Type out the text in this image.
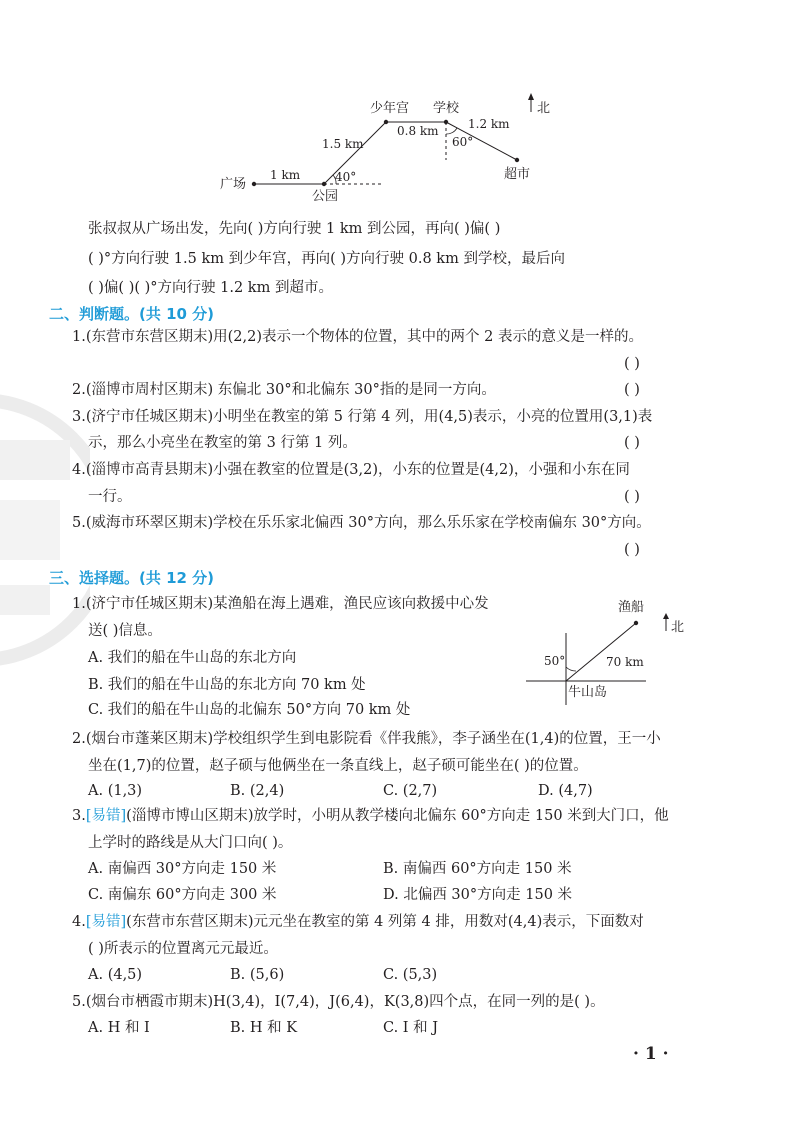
北
少年宫 学校
1.5 km
0.8 km 1.2 km
60°
超市
广场
1 km	40°
公园
张叔叔从广场出发，先向( )方向行驶 1 km 到公园，再向( )偏( )
( )°方向行驶 1.5 km 到少年宫，再向( )方向行驶 0.8 km 到学校，最后向
( )偏( )( )°方向行驶 1.2 km 到超市。
二、判断题。(共 10 分)
1.(东营市东营区期末)用(2,2)表示一个物体的位置，其中的两个 2 表示的意义是一样的。
( )
2.(淄博市周村区期末) 东偏北 30°和北偏东 30°指的是同一方向。	( )
3.(济宁市任城区期末)小明坐在教室的第 5 行第 4 列，用(4,5)表示，小亮的位置用(3,1)表
示，那么小亮坐在教室的第 3 行第 1 列。	( )
4.(淄博市高青县期末)小强在教室的位置是(3,2)，小东的位置是(4,2)，小强和小东在同
一行。	( )
5.(威海市环翠区期末)学校在乐乐家北偏西 30°方向，那么乐乐家在学校南偏东 30°方向。
( )
三、选择题。(共 12 分)
1.(济宁市任城区期末)某渔船在海上遇难，渔民应该向救援中心发
送( )信息。
A. 我们的船在牛山岛的东北方向
B. 我们的船在牛山岛的东北方向 70 km 处
C. 我们的船在牛山岛的北偏东 50°方向 70 km 处
渔船
北
50°	70 km
牛山岛
2.(烟台市蓬莱区期末)学校组织学生到电影院看《伴我熊》，李子涵坐在(1,4)的位置，王一小
坐在(1,7)的位置，赵子硕与他俩坐在一条直线上，赵子硕可能坐在( )的位置。
A. (1,3)	B. (2,4)	C. (2,7)	D. (4,7)
3.[易错](淄博市博山区期末)放学时，小明从教学楼向北偏东 60°方向走 150 米到大门口，他
上学时的路线是从大门口向( )。
A. 南偏西 30°方向走 150 米	B. 南偏西 60°方向走 150 米
C. 南偏东 60°方向走 300 米	D. 北偏西 30°方向走 150 米
4.[易错](东营市东营区期末)元元坐在教室的第 4 列第 4 排，用数对(4,4)表示，下面数对
( )所表示的位置离元元最近。
A. (4,5)	B. (5,6)	C. (5,3)
5.(烟台市栖霞市期末)H(3,4)，I(7,4)，J(6,4)，K(3,8)四个点，在同一列的是( )。
A. H 和 I	B. H 和 K	C. I 和 J
· 1 ·
